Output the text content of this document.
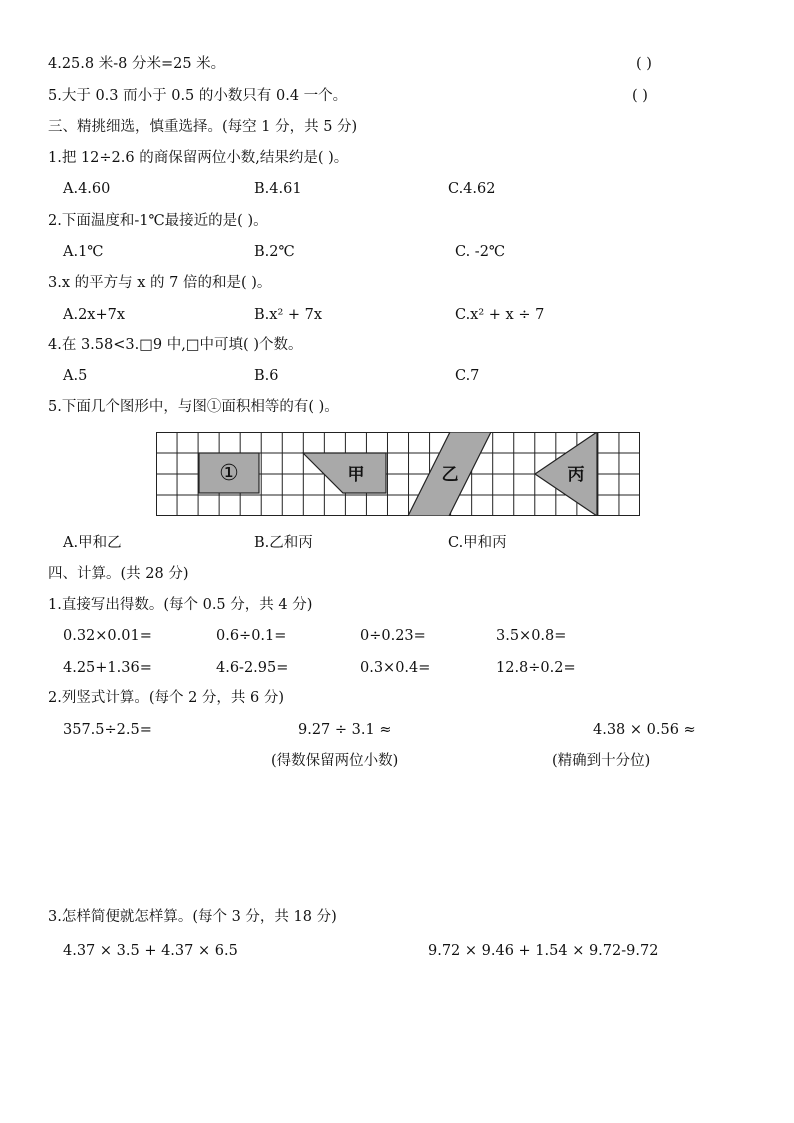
4.25.8 米-8 分米=25 米。	( )
5.大于 0.3 而小于 0.5 的小数只有 0.4 一个。	( )
三、精挑细选，慎重选择。(每空 1 分，共 5 分)
1.把 12÷2.6 的商保留两位小数,结果约是( )。
A.4.60	B.4.61	C.4.62
2.下面温度和-1℃最接近的是( )。
A.1℃	B.2℃	C. -2℃
3.x 的平方与 x 的 7 倍的和是( )。
A.2x+7x	B.x² + 7x	C.x² + x ÷ 7
4.在 3.58<3.□9 中,□中可填( )个数。
A.5	B.6	C.7
5.下面几个图形中，与图①面积相等的有( )。
①	甲	乙	丙
A.甲和乙	B.乙和丙	C.甲和丙
四、计算。(共 28 分)
1.直接写出得数。(每个 0.5 分，共 4 分)
0.32×0.01=	0.6÷0.1=	0÷0.23=	3.5×0.8=
4.25+1.36=	4.6-2.95=	0.3×0.4=	12.8÷0.2=
2.列竖式计算。(每个 2 分，共 6 分)
357.5÷2.5=	9.27 ÷ 3.1 ≈	4.38 × 0.56 ≈
(得数保留两位小数)	(精确到十分位)
3.怎样简便就怎样算。(每个 3 分，共 18 分)
4.37 × 3.5 + 4.37 × 6.5	9.72 × 9.46 + 1.54 × 9.72-9.72
